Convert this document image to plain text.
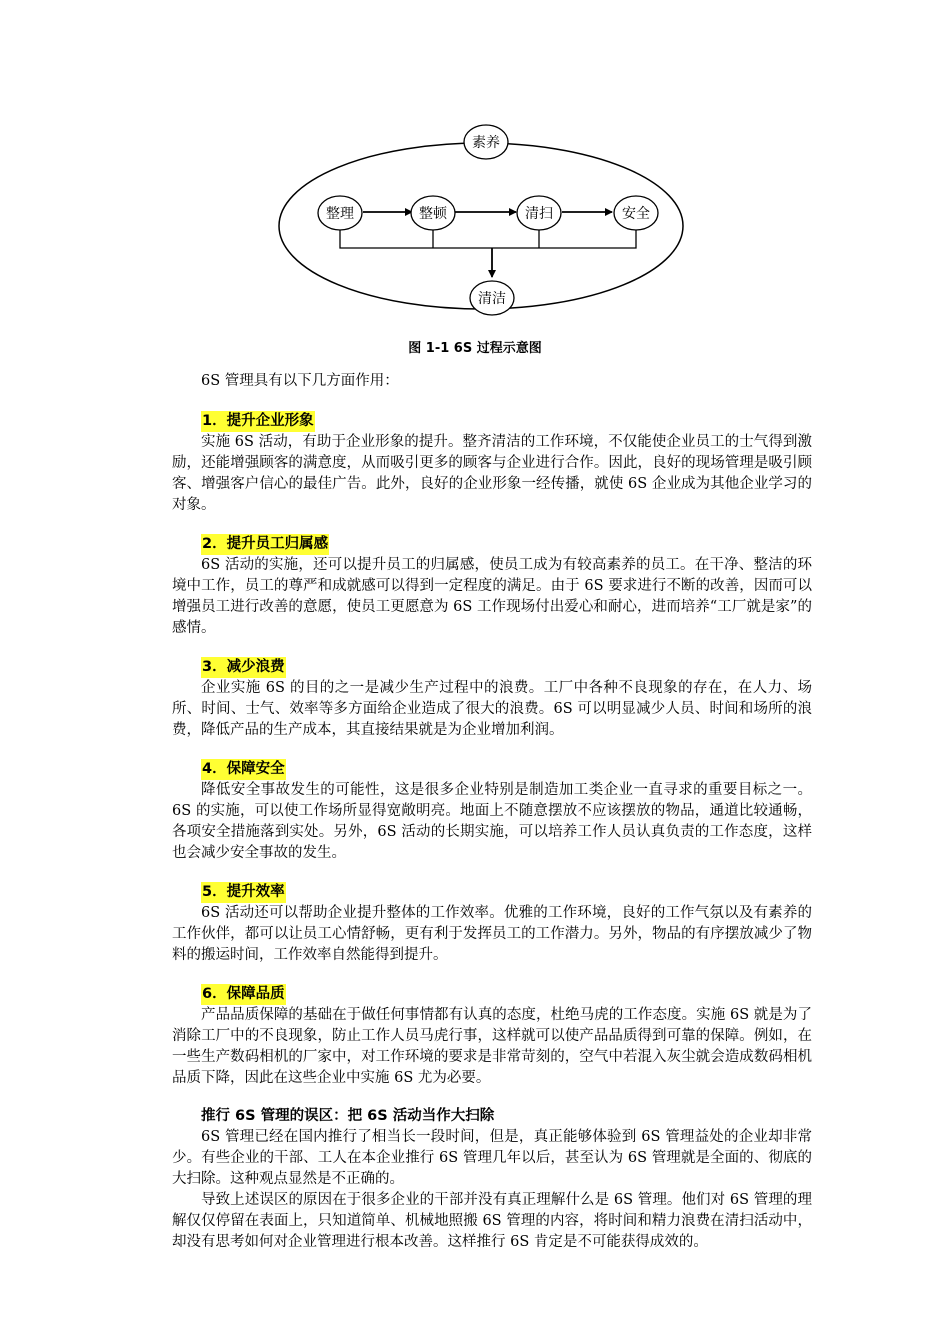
素养
整理	整顿	清扫	安全
清洁
图 1-1 6S 过程示意图

6S 管理具有以下几方面作用：

1．提升企业形象

实施 6S 活动，有助于企业形象的提升。整齐清洁的工作环境，不仅能使企业员工的士气得到激励，还能增强顾客的满意度，从而吸引更多的顾客与企业进行合作。因此，良好的现场管理是吸引顾客、增强客户信心的最佳广告。此外，良好的企业形象一经传播，就使 6S 企业成为其他企业学习的对象。

2．提升员工归属感

6S 活动的实施，还可以提升员工的归属感，使员工成为有较高素养的员工。在干净、整洁的环境中工作，员工的尊严和成就感可以得到一定程度的满足。由于 6S 要求进行不断的改善，因而可以增强员工进行改善的意愿，使员工更愿意为 6S 工作现场付出爱心和耐心，进而培养“工厂就是家”的感情。

3．减少浪费

企业实施 6S 的目的之一是减少生产过程中的浪费。工厂中各种不良现象的存在，在人力、场所、时间、士气、效率等多方面给企业造成了很大的浪费。6S 可以明显减少人员、时间和场所的浪费，降低产品的生产成本，其直接结果就是为企业增加利润。

4．保障安全

降低安全事故发生的可能性，这是很多企业特别是制造加工类企业一直寻求的重要目标之一。6S 的实施，可以使工作场所显得宽敞明亮。地面上不随意摆放不应该摆放的物品，通道比较通畅，各项安全措施落到实处。另外，6S 活动的长期实施，可以培养工作人员认真负责的工作态度，这样也会减少安全事故的发生。

5．提升效率

6S 活动还可以帮助企业提升整体的工作效率。优雅的工作环境，良好的工作气氛以及有素养的工作伙伴，都可以让员工心情舒畅，更有利于发挥员工的工作潜力。另外，物品的有序摆放减少了物料的搬运时间，工作效率自然能得到提升。

6．保障品质

产品品质保障的基础在于做任何事情都有认真的态度，杜绝马虎的工作态度。实施 6S 就是为了消除工厂中的不良现象，防止工作人员马虎行事，这样就可以使产品品质得到可靠的保障。例如，在一些生产数码相机的厂家中，对工作环境的要求是非常苛刻的，空气中若混入灰尘就会造成数码相机品质下降，因此在这些企业中实施 6S 尤为必要。

推行 6S 管理的误区：把 6S 活动当作大扫除

6S 管理已经在国内推行了相当长一段时间，但是，真正能够体验到 6S 管理益处的企业却非常少。有些企业的干部、工人在本企业推行 6S 管理几年以后，甚至认为 6S 管理就是全面的、彻底的大扫除。这种观点显然是不正确的。

导致上述误区的原因在于很多企业的干部并没有真正理解什么是 6S 管理。他们对 6S 管理的理解仅仅停留在表面上，只知道简单、机械地照搬 6S 管理的内容，将时间和精力浪费在清扫活动中，却没有思考如何对企业管理进行根本改善。这样推行 6S 肯定是不可能获得成效的。
